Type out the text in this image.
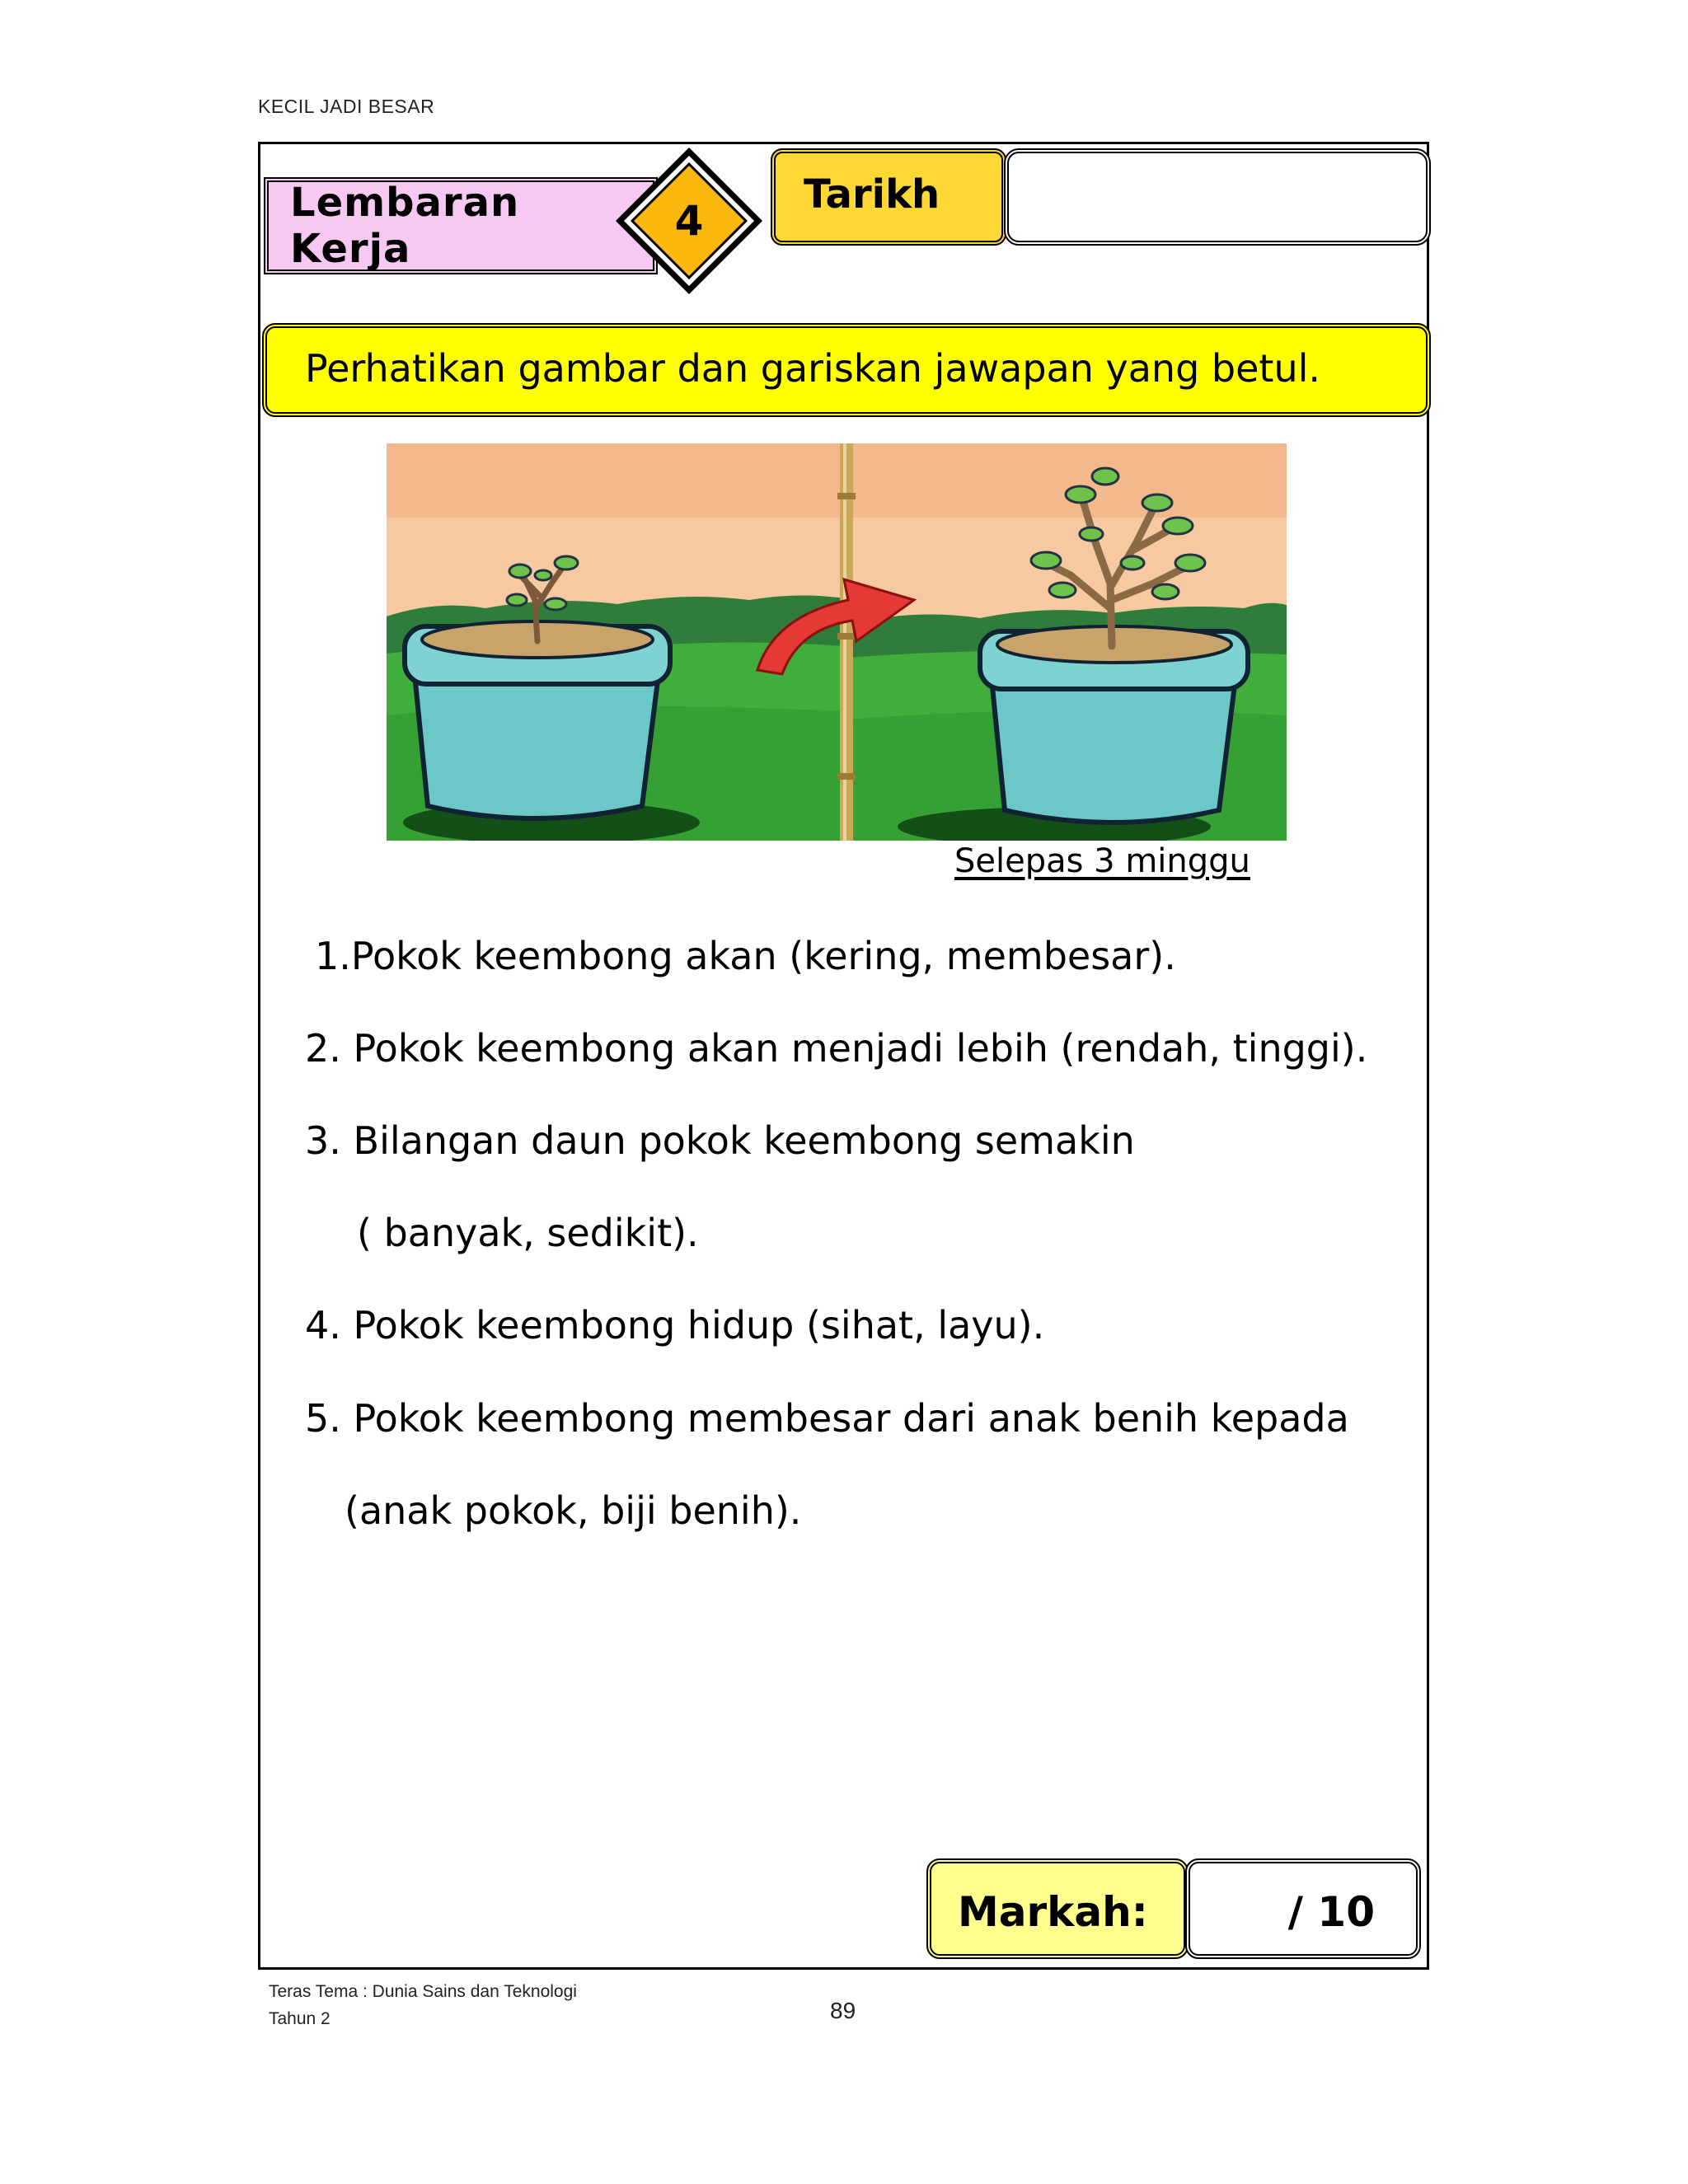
KECIL JADI BESAR
Lembaran Kerja
4
Tarikh
Perhatikan gambar dan gariskan jawapan yang betul.
Selepas 3 minggu
1.Pokok keembong akan (kering, membesar).
2. Pokok keembong akan menjadi lebih (rendah, tinggi).
3. Bilangan daun pokok keembong semakin
( banyak, sedikit).
4. Pokok keembong hidup (sihat, layu).
5. Pokok keembong membesar dari anak benih kepada
(anak pokok, biji benih).
Markah:	/ 10
Teras Tema : Dunia Sains dan Teknologi
Tahun 2	89
